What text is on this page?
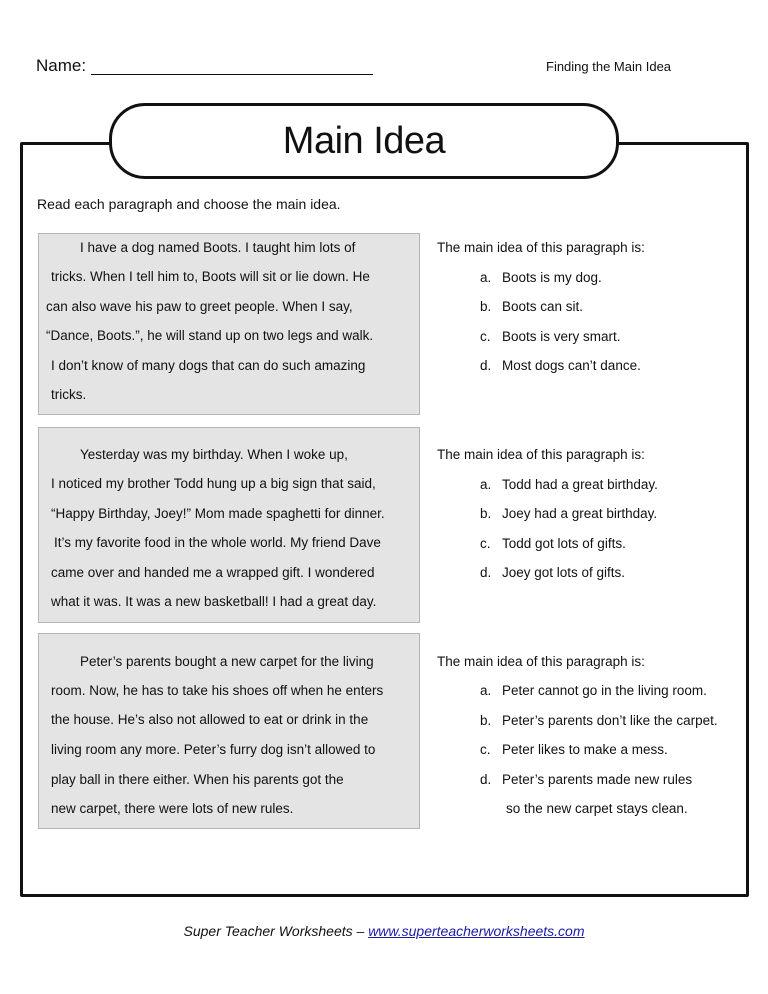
Name:	Finding the Main Idea
Main Idea
Read each paragraph and choose the main idea.
I have a dog named Boots. I taught him lots of
tricks. When I tell him to, Boots will sit or lie down. He
can also wave his paw to greet people. When I say,
“Dance, Boots.”, he will stand up on two legs and walk.
I don’t know of many dogs that can do such amazing
tricks.
The main idea of this paragraph is:
a. Boots is my dog.
b. Boots can sit.
c. Boots is very smart.
d. Most dogs can’t dance.
Yesterday was my birthday. When I woke up,
I noticed my brother Todd hung up a big sign that said,
“Happy Birthday, Joey!” Mom made spaghetti for dinner.
It’s my favorite food in the whole world. My friend Dave
came over and handed me a wrapped gift. I wondered
what it was. It was a new basketball! I had a great day.
The main idea of this paragraph is:
a. Todd had a great birthday.
b. Joey had a great birthday.
c. Todd got lots of gifts.
d. Joey got lots of gifts.
Peter’s parents bought a new carpet for the living
room. Now, he has to take his shoes off when he enters
the house. He’s also not allowed to eat or drink in the
living room any more. Peter’s furry dog isn’t allowed to
play ball in there either. When his parents got the
new carpet, there were lots of new rules.
The main idea of this paragraph is:
a. Peter cannot go in the living room.
b. Peter’s parents don’t like the carpet.
c. Peter likes to make a mess.
d. Peter’s parents made new rules
so the new carpet stays clean.
Super Teacher Worksheets – www.superteacherworksheets.com
